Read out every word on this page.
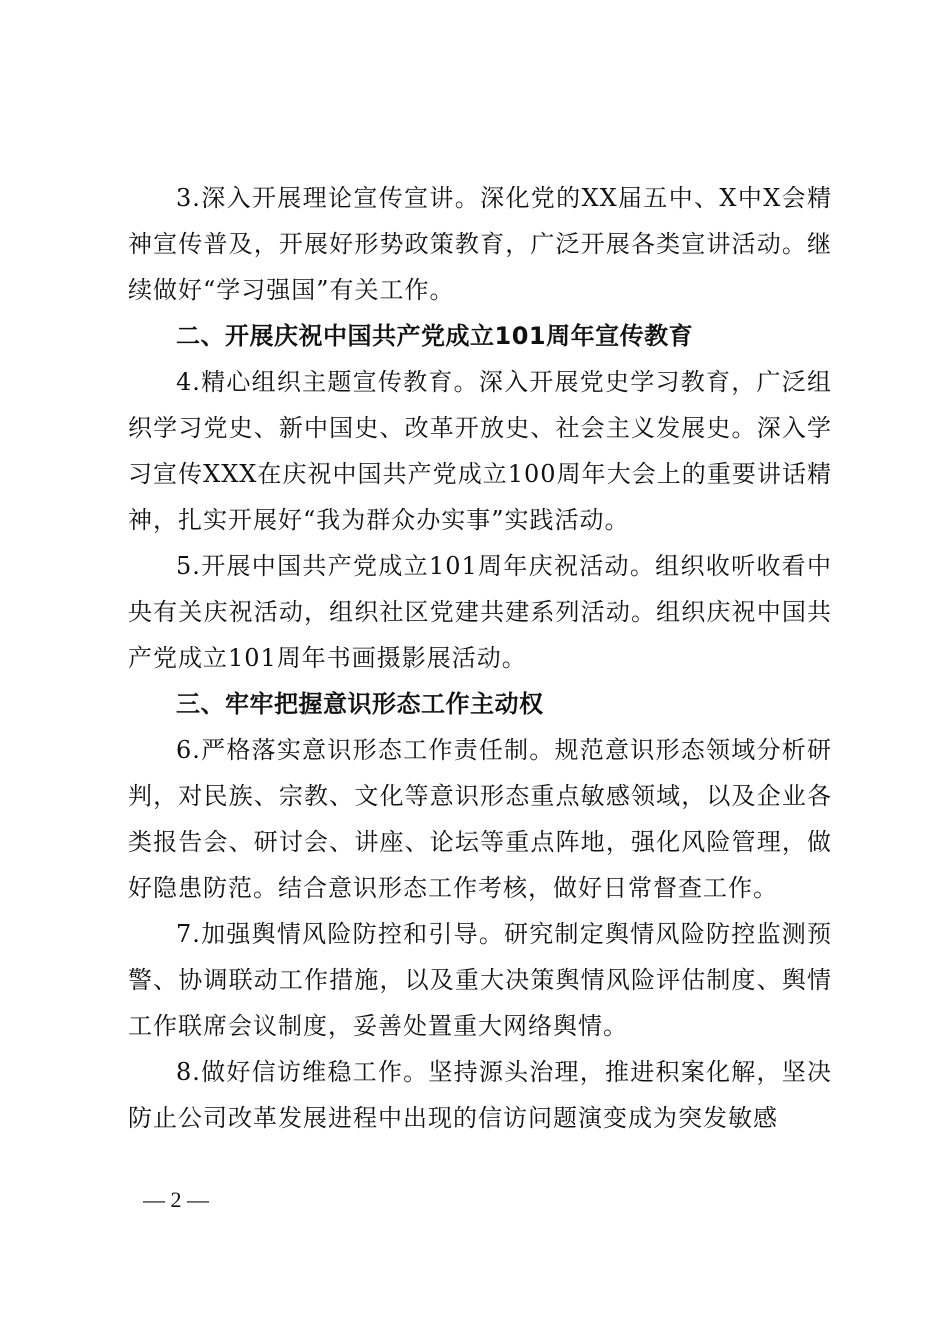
3.深入开展理论宣传宣讲。深化党的XX届五中、X中X会精神宣传普及，开展好形势政策教育，广泛开展各类宣讲活动。继续做好“学习强国”有关工作。

二、开展庆祝中国共产党成立101周年宣传教育

4.精心组织主题宣传教育。深入开展党史学习教育，广泛组织学习党史、新中国史、改革开放史、社会主义发展史。深入学习宣传XXX在庆祝中国共产党成立100周年大会上的重要讲话精神，扎实开展好“我为群众办实事”实践活动。

5.开展中国共产党成立101周年庆祝活动。组织收听收看中央有关庆祝活动，组织社区党建共建系列活动。组织庆祝中国共产党成立101周年书画摄影展活动。

三、牢牢把握意识形态工作主动权

6.严格落实意识形态工作责任制。规范意识形态领域分析研判，对民族、宗教、文化等意识形态重点敏感领域，以及企业各类报告会、研讨会、讲座、论坛等重点阵地，强化风险管理，做好隐患防范。结合意识形态工作考核，做好日常督查工作。

7.加强舆情风险防控和引导。研究制定舆情风险防控监测预警、协调联动工作措施，以及重大决策舆情风险评估制度、舆情工作联席会议制度，妥善处置重大网络舆情。

8.做好信访维稳工作。坚持源头治理，推进积案化解，坚决防止公司改革发展进程中出现的信访问题演变成为突发敏感

— 2 —
